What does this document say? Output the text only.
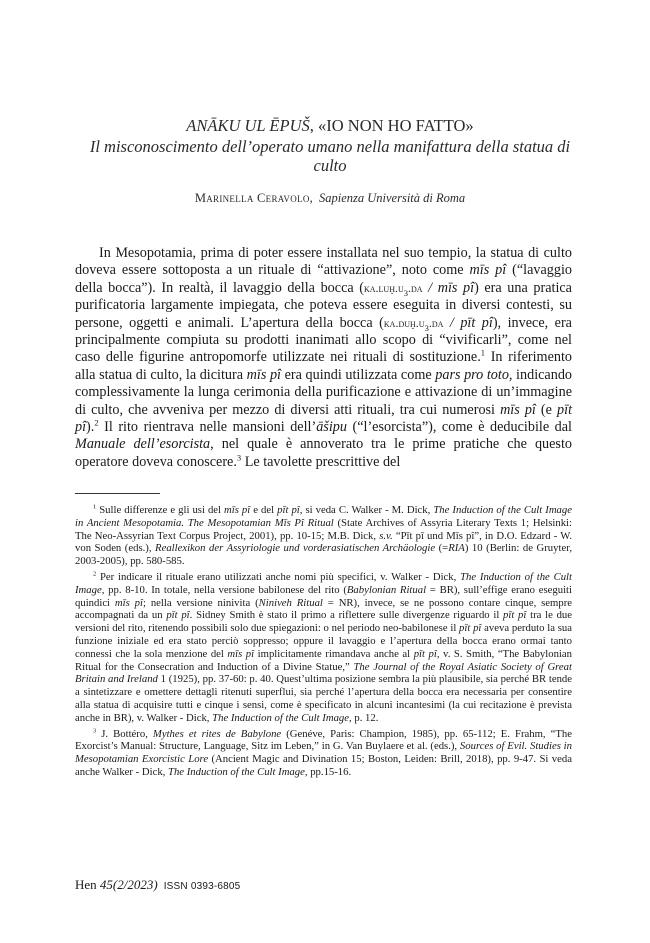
ANĀKU UL ĒPUŠ, «IO NON HO FATTO»
Il misconoscimento dell’operato umano nella manifattura della statua di culto
Marinella Ceravolo,  Sapienza Università di Roma

In Mesopotamia, prima di poter essere installata nel suo tempio, la statua di culto doveva essere sottoposta a un rituale di “attivazione”, noto come mīs pî (“lavaggio della bocca”). In realtà, il lavaggio della bocca ($ka.luḫ.u_3.da$ / mīs pî) era una pratica purificatoria largamente impiegata, che poteva essere eseguita in diversi contesti, su persone, oggetti e animali. L’apertura della bocca ($ka.duḫ.u_3.da$ / pīt pî), invece, era principalmente compiuta su prodotti inanimati allo scopo di “vivificarli”, come nel caso delle figurine antropomorfe utilizzate nei rituali di sostituzione.$^1$ In riferimento alla statua di culto, la dicitura mīs pî era quindi utilizzata come pars pro toto, indicando complessivamente la lunga cerimonia della purificazione e attivazione di un’immagine di culto, che avveniva per mezzo di diversi atti rituali, tra cui numerosi mīs pî (e pīt pî).$^2$ Il rito rientrava nelle mansioni dell’āšipu (“l’esorcista”), come è deducibile dal Manuale dell’esorcista, nel quale è annoverato tra le prime pratiche che questo operatore doveva conoscere.$^3$ Le tavolette prescrittive del

$^1$ Sulle differenze e gli usi del mīs pî e del pīt pî, si veda C. Walker - M. Dick, The Induction of the Cult Image in Ancient Mesopotamia. The Mesopotamian Mīs Pî Ritual (State Archives of Assyria Literary Texts 1; Helsinki: The Neo-Assyrian Text Corpus Project, 2001), pp. 10-15; M.B. Dick, s.v. “Pīt pī und Mīs pî”, in D.O. Edzard - W. von Soden (eds.), Reallexikon der Assyriologie und vorderasiatischen Archäologie (=RIA) 10 (Berlin: de Gruyter, 2003-2005), pp. 580-585.

$^2$ Per indicare il rituale erano utilizzati anche nomi più specifici, v. Walker - Dick, The Induction of the Cult Image, pp. 8-10. In totale, nella versione babilonese del rito (Babylonian Ritual = BR), sull’effige erano eseguiti quindici mīs pî; nella versione ninivita (Niniveh Ritual = NR), invece, se ne possono contare cinque, sempre accompagnati da un pīt pî. Sidney Smith è stato il primo a riflettere sulle divergenze riguardo il pīt pî tra le due versioni del rito, ritenendo possibili solo due spiegazioni: o nel periodo neo-babilonese il pīt pî aveva perduto la sua funzione iniziale ed era stato perciò soppresso; oppure il lavaggio e l’apertura della bocca erano ormai tanto connessi che la sola menzione del mīs pî implicitamente rimandava anche al pīt pî, v. S. Smith, “The Babylonian Ritual for the Consecration and Induction of a Divine Statue,” The Journal of the Royal Asiatic Society of Great Britain and Ireland 1 (1925), pp. 37-60: p. 40. Quest’ultima posizione sembra la più plausibile, sia perché BR tende a sintetizzare e omettere dettagli ritenuti superflui, sia perché l’apertura della bocca era necessaria per consentire alla statua di acquisire tutti e cinque i sensi, come è specificato in alcuni incantesimi (la cui recitazione è prevista anche in BR), v. Walker - Dick, The Induction of the Cult Image, p. 12.

$^3$ J. Bottéro, Mythes et rites de Babylone (Genéve, Paris: Champion, 1985), pp. 65-112; E. Frahm, “The Exorcist’s Manual: Structure, Language, Sitz im Leben,” in G. Van Buylaere et al. (eds.), Sources of Evil. Studies in Mesopotamian Exorcistic Lore (Ancient Magic and Divination 15; Boston, Leiden: Brill, 2018), pp. 9-47. Si veda anche Walker - Dick, The Induction of the Cult Image, pp.15-16.

Hen 45(2/2023) ISSN 0393-6805
